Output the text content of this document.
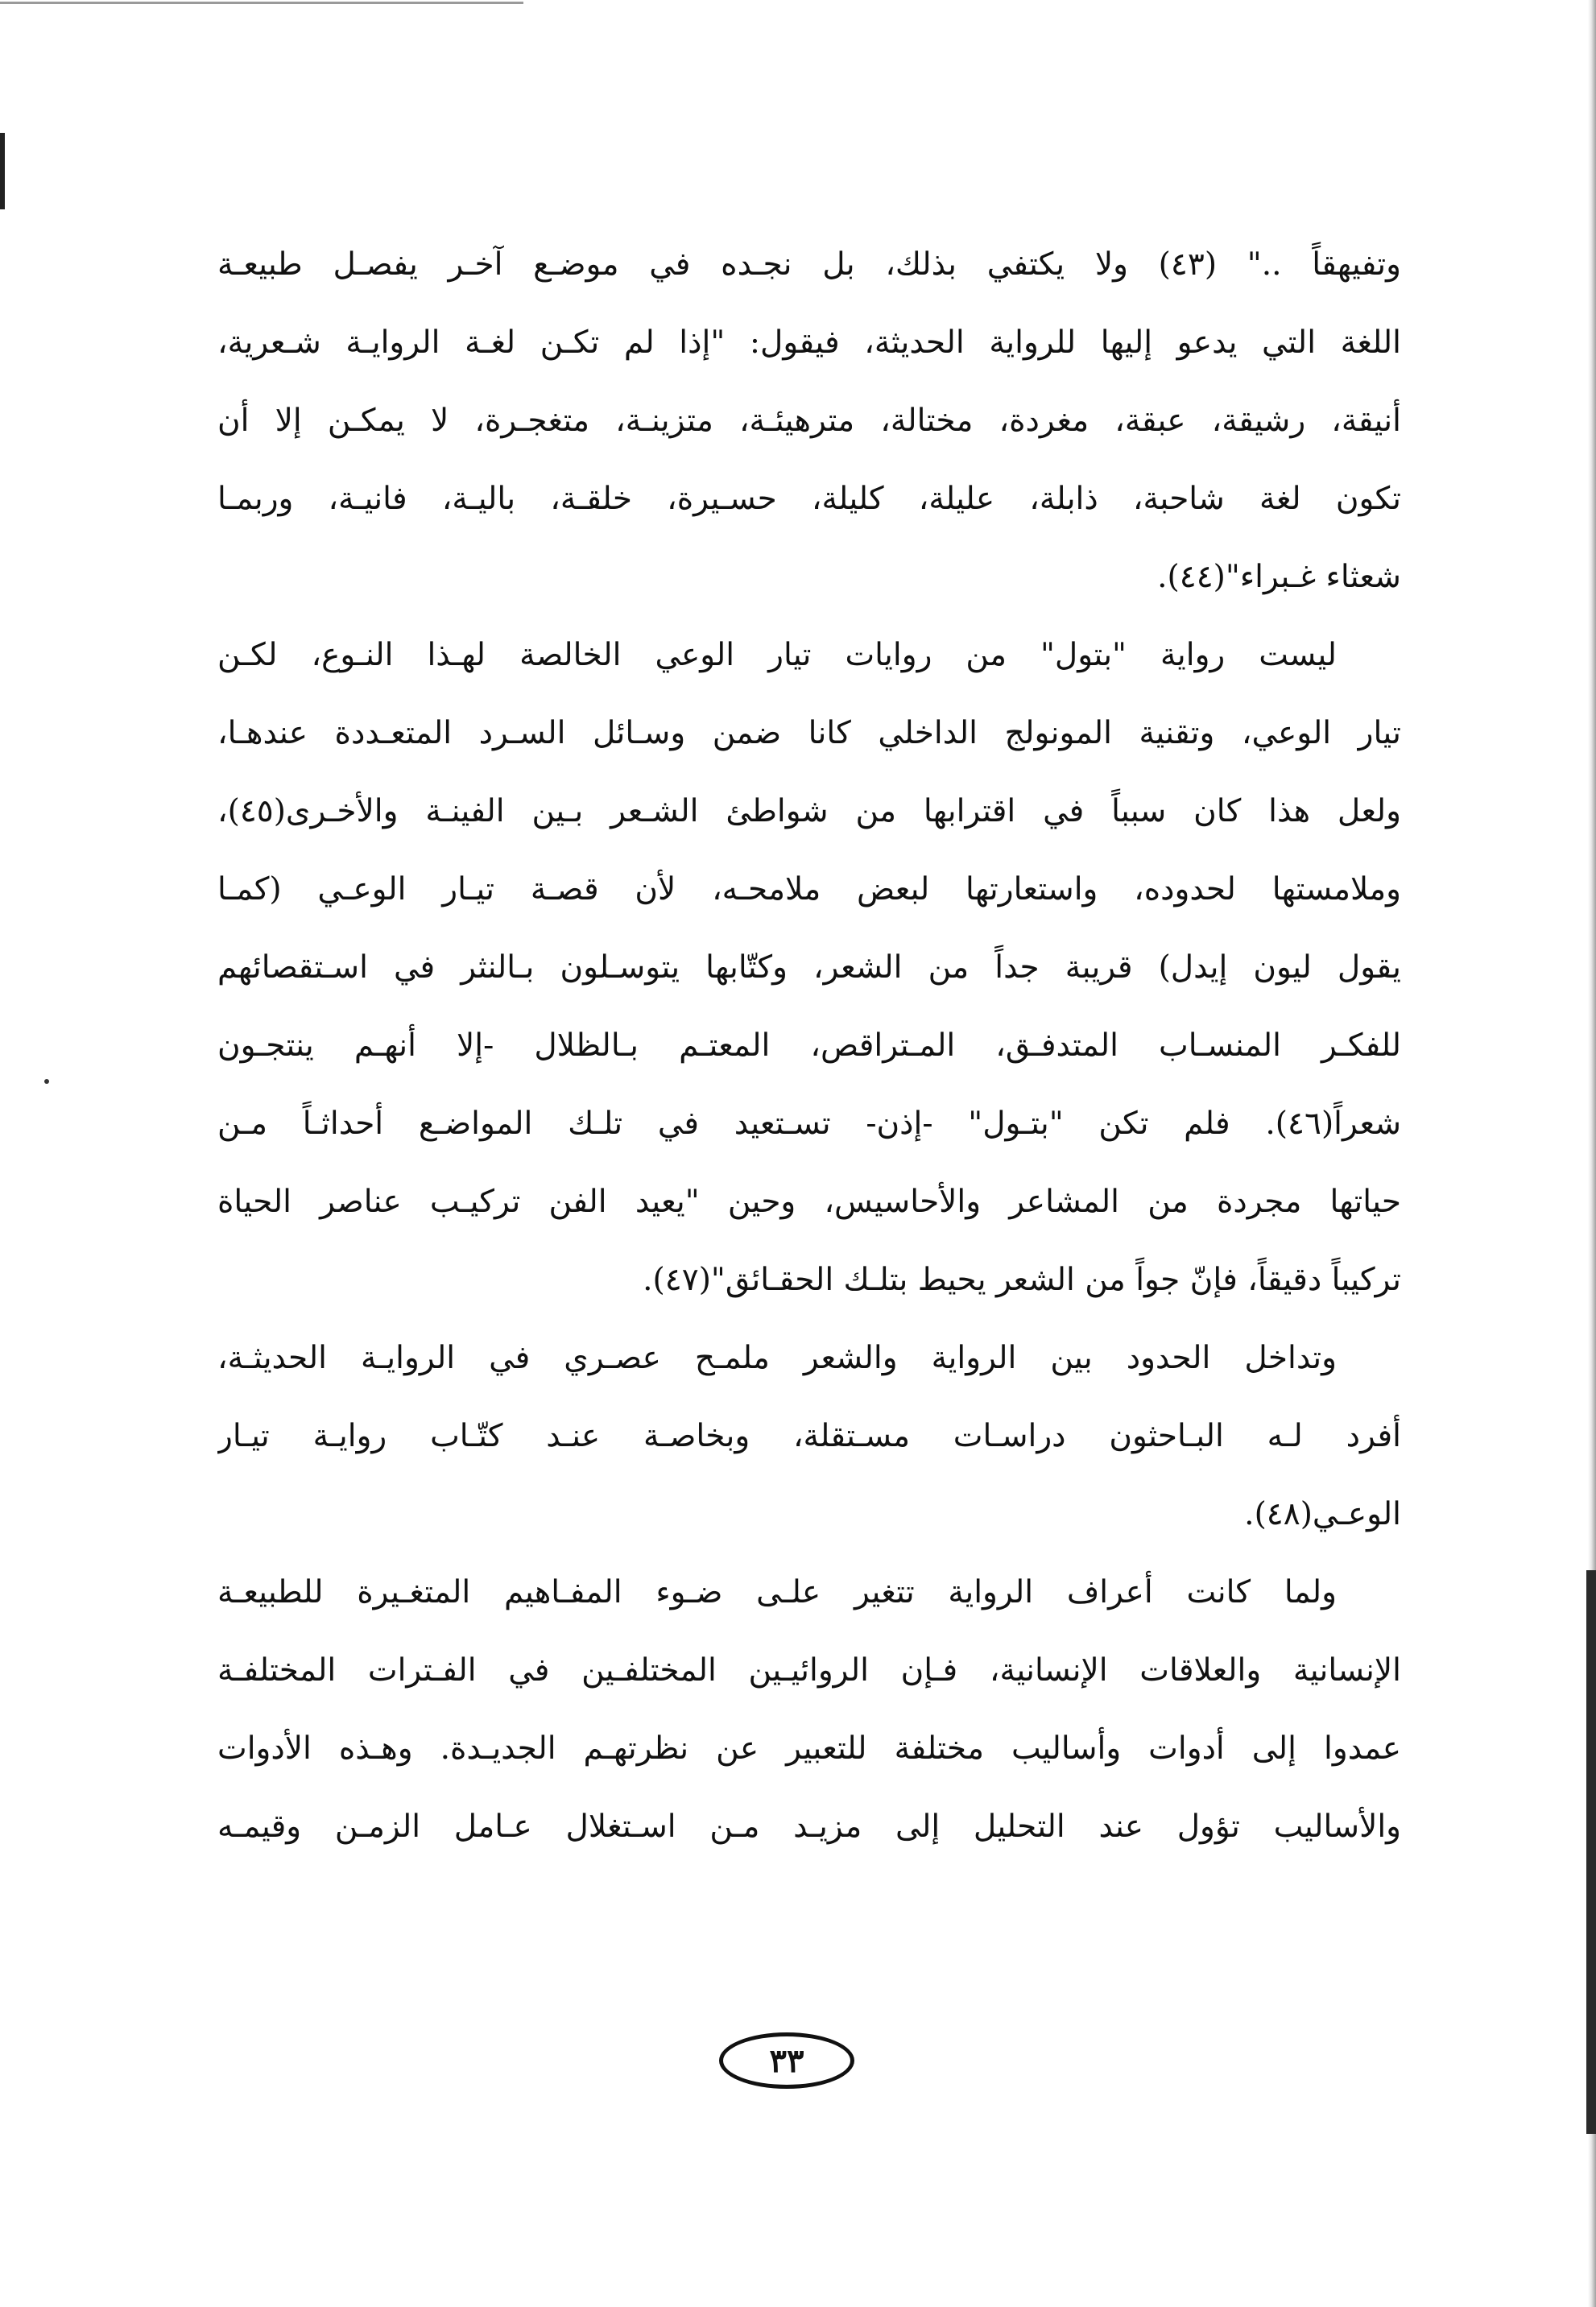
وتفيهقاً .." (٤٣) ولا يكتفي بذلك، بل نجـده في موضـع آخـر يفصـل طبيعـة
اللغة التي يدعو إليها للرواية الحديثة، فيقول: "إذا لم تكـن لغـة الروايـة شـعرية،
أنيقة، رشيقة، عبقة، مغردة، مختالة، مترهيئـة، متزينـة، متغجـرة، لا يمكـن إلا أن
تكون لغة شاحبة، ذابلة، عليلة، كليلة، حسـيرة، خلقـة، باليـة، فانيـة، وربمـا
شعثاء غـبراء"(٤٤).
ليست رواية "بتول" من روايات تيار الوعي الخالصة لهـذا النـوع، لكـن
تيار الوعي، وتقنية المونولج الداخلي كانا ضمن وسـائل السـرد المتعـددة عندهـا،
ولعل هذا كان سبباً في اقترابها من شواطئ الشـعر بـين الفينـة والأخـرى(٤٥)،
وملامستها لحدوده، واستعارتها لبعض ملامحـه، لأن قصـة تيـار الوعـي (كمـا
يقول ليون إيدل) قريبة جداً من الشعر، وكتّابها يتوسـلون بـالنثر في اسـتقصائهم
للفكـر المنسـاب المتدفـق، المـتراقص، المعتـم بـالظلال -إلا أنهـم ينتجـون
شعراً(٤٦). فلم تكن "بتـول" -إذن- تسـتعيد في تلـك المواضـع أحداثـاً مـن
حياتها مجردة من المشاعر والأحاسيس، وحين "يعيد الفن تركيـب عناصر الحياة
تركيباً دقيقاً، فإنّ جواً من الشعر يحيط بتلـك الحقـائق"(٤٧).
وتداخل الحدود بين الرواية والشعر ملمـح عصـري في الروايـة الحديثـة،
أفرد لـه البـاحثون دراسـات مسـتقلة، وبخاصـة عنـد كتّـاب روايـة تيـار
الوعـي(٤٨).
ولما كانت أعراف الرواية تتغير علـى ضـوء المفـاهيم المتغـيرة للطبيعـة
الإنسانية والعلاقات الإنسانية، فـإن الروائيـين المختلفـين في الفـترات المختلفـة
عمدوا إلى أدوات وأساليب مختلفة للتعبير عن نظرتهـم الجديـدة. وهـذه الأدوات
والأساليب تؤول عند التحليل إلى مزيـد مـن اسـتغلال عـامل الزمـن وقيمـه
٣٣
